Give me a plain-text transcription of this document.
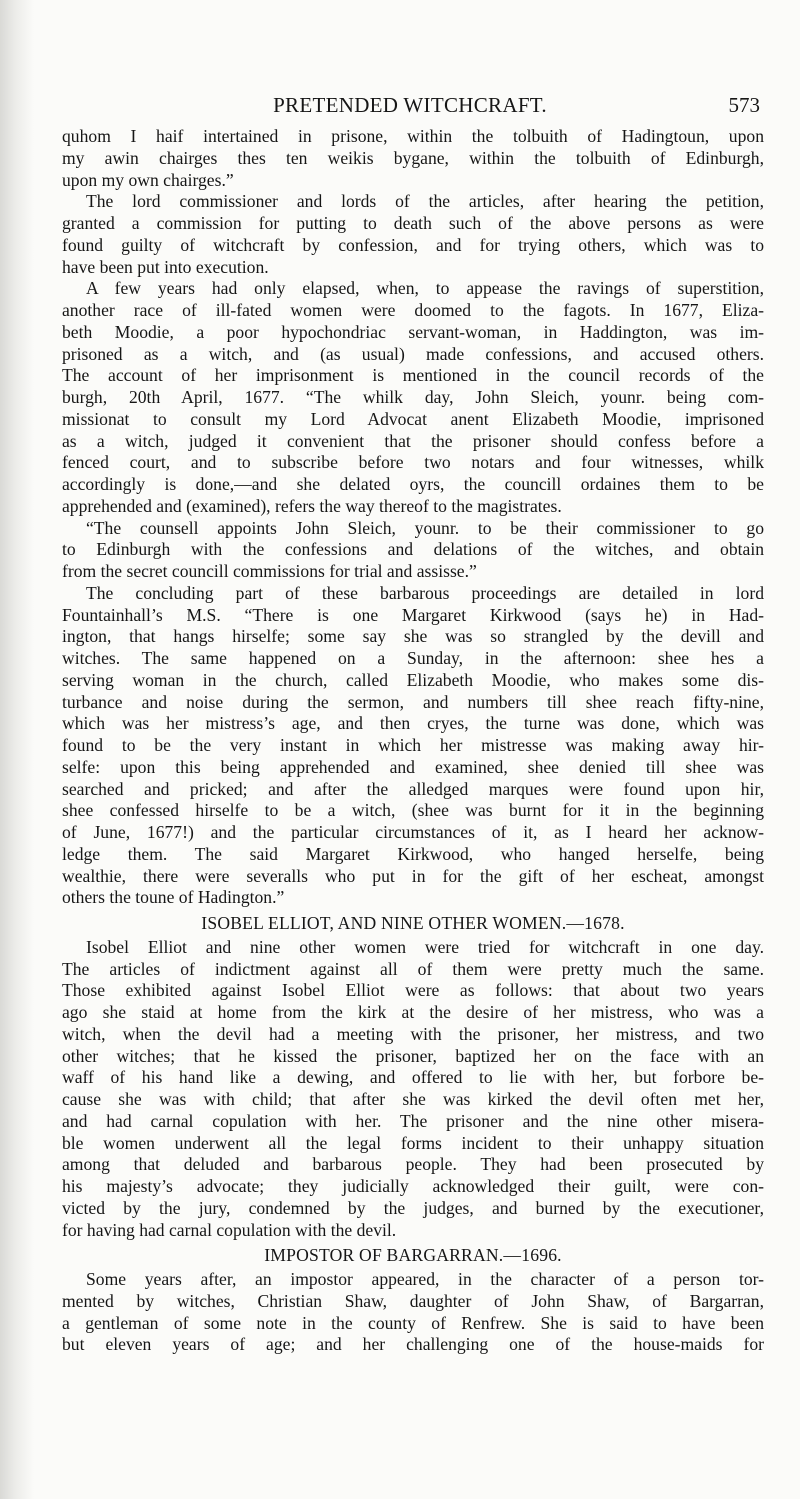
PRETENDED WITCHCRAFT.	573
quhom I haif intertained in prisone, within the tolbuith of Hadingtoun, upon
my awin chairges thes ten weikis bygane, within the tolbuith of Edinburgh,
upon my own chairges.”
The lord commissioner and lords of the articles, after hearing the petition,
granted a commission for putting to death such of the above persons as were
found guilty of witchcraft by confession, and for trying others, which was to
have been put into execution.
A few years had only elapsed, when, to appease the ravings of superstition,
another race of ill-fated women were doomed to the fagots. In 1677, Eliza-
beth Moodie, a poor hypochondriac servant-woman, in Haddington, was im-
prisoned as a witch, and (as usual) made confessions, and accused others.
The account of her imprisonment is mentioned in the council records of the
burgh, 20th April, 1677. “The whilk day, John Sleich, younr. being com-
missionat to consult my Lord Advocat anent Elizabeth Moodie, imprisoned
as a witch, judged it convenient that the prisoner should confess before a
fenced court, and to subscribe before two notars and four witnesses, whilk
accordingly is done,—and she delated oyrs, the councill ordaines them to be
apprehended and (examined), refers the way thereof to the magistrates.
“The counsell appoints John Sleich, younr. to be their commissioner to go
to Edinburgh with the confessions and delations of the witches, and obtain
from the secret councill commissions for trial and assisse.”
The concluding part of these barbarous proceedings are detailed in lord
Fountainhall’s M.S. “There is one Margaret Kirkwood (says he) in Had-
ington, that hangs hirselfe; some say she was so strangled by the devill and
witches. The same happened on a Sunday, in the afternoon: shee hes a
serving woman in the church, called Elizabeth Moodie, who makes some dis-
turbance and noise during the sermon, and numbers till shee reach fifty-nine,
which was her mistress’s age, and then cryes, the turne was done, which was
found to be the very instant in which her mistresse was making away hir-
selfe: upon this being apprehended and examined, shee denied till shee was
searched and pricked; and after the alledged marques were found upon hir,
shee confessed hirselfe to be a witch, (shee was burnt for it in the beginning
of June, 1677!) and the particular circumstances of it, as I heard her acknow-
ledge them. The said Margaret Kirkwood, who hanged herselfe, being
wealthie, there were severalls who put in for the gift of her escheat, amongst
others the toune of Hadington.”
ISOBEL ELLIOT, AND NINE OTHER WOMEN.—1678.
Isobel Elliot and nine other women were tried for witchcraft in one day.
The articles of indictment against all of them were pretty much the same.
Those exhibited against Isobel Elliot were as follows: that about two years
ago she staid at home from the kirk at the desire of her mistress, who was a
witch, when the devil had a meeting with the prisoner, her mistress, and two
other witches; that he kissed the prisoner, baptized her on the face with an
waff of his hand like a dewing, and offered to lie with her, but forbore be-
cause she was with child; that after she was kirked the devil often met her,
and had carnal copulation with her. The prisoner and the nine other misera-
ble women underwent all the legal forms incident to their unhappy situation
among that deluded and barbarous people. They had been prosecuted by
his majesty’s advocate; they judicially acknowledged their guilt, were con-
victed by the jury, condemned by the judges, and burned by the executioner,
for having had carnal copulation with the devil.
IMPOSTOR OF BARGARRAN.—1696.
Some years after, an impostor appeared, in the character of a person tor-
mented by witches, Christian Shaw, daughter of John Shaw, of Bargarran,
a gentleman of some note in the county of Renfrew. She is said to have been
but eleven years of age; and her challenging one of the house-maids for
